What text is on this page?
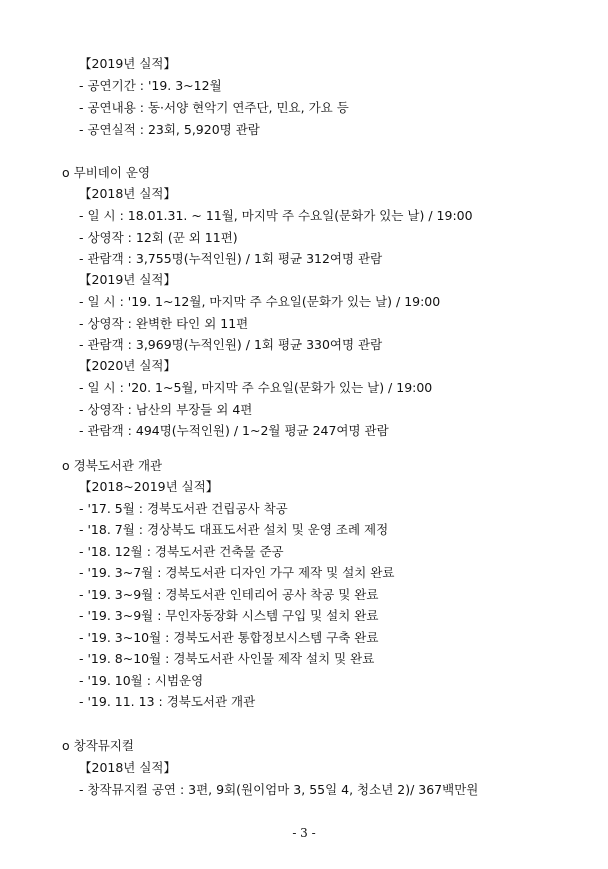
【2019년 실적】
- 공연기간 : '19. 3~12월
- 공연내용 : 동·서양 현악기 연주단, 민요, 가요 등
- 공연실적 : 23회, 5,920명 관람
o 무비데이 운영
【2018년 실적】
- 일 시 : 18.01.31. ~ 11월, 마지막 주 수요일(문화가 있는 날) / 19:00
- 상영작 : 12회 (꾼 외 11편)
- 관람객 : 3,755명(누적인원) / 1회 평균 312여명 관람
【2019년 실적】
- 일 시 : '19. 1~12월, 마지막 주 수요일(문화가 있는 날) / 19:00
- 상영작 : 완벽한 타인 외 11편
- 관람객 : 3,969명(누적인원) / 1회 평균 330여명 관람
【2020년 실적】
- 일 시 : '20. 1~5월, 마지막 주 수요일(문화가 있는 날) / 19:00
- 상영작 : 남산의 부장들 외 4편
- 관람객 : 494명(누적인원) / 1~2월 평균 247여명 관람
o 경북도서관 개관
【2018~2019년 실적】
- '17. 5월 : 경북도서관 건립공사 착공
- '18. 7월 : 경상북도 대표도서관 설치 및 운영 조례 제정
- '18. 12월 : 경북도서관 건축물 준공
- '19. 3~7월 : 경북도서관 디자인 가구 제작 및 설치 완료
- '19. 3~9월 : 경북도서관 인테리어 공사 착공 및 완료
- '19. 3~9월 : 무인자동장화 시스템 구입 및 설치 완료
- '19. 3~10월 : 경북도서관 통합정보시스템 구축 완료
- '19. 8~10월 : 경북도서관 사인물 제작 설치 및 완료
- '19. 10월 : 시범운영
- '19. 11. 13 : 경북도서관 개관
o 창작뮤지컬
【2018년 실적】
- 창작뮤지컬 공연 : 3편, 9회(원이엄마 3, 55일 4, 청소년 2)/ 367백만원
- 3 -
